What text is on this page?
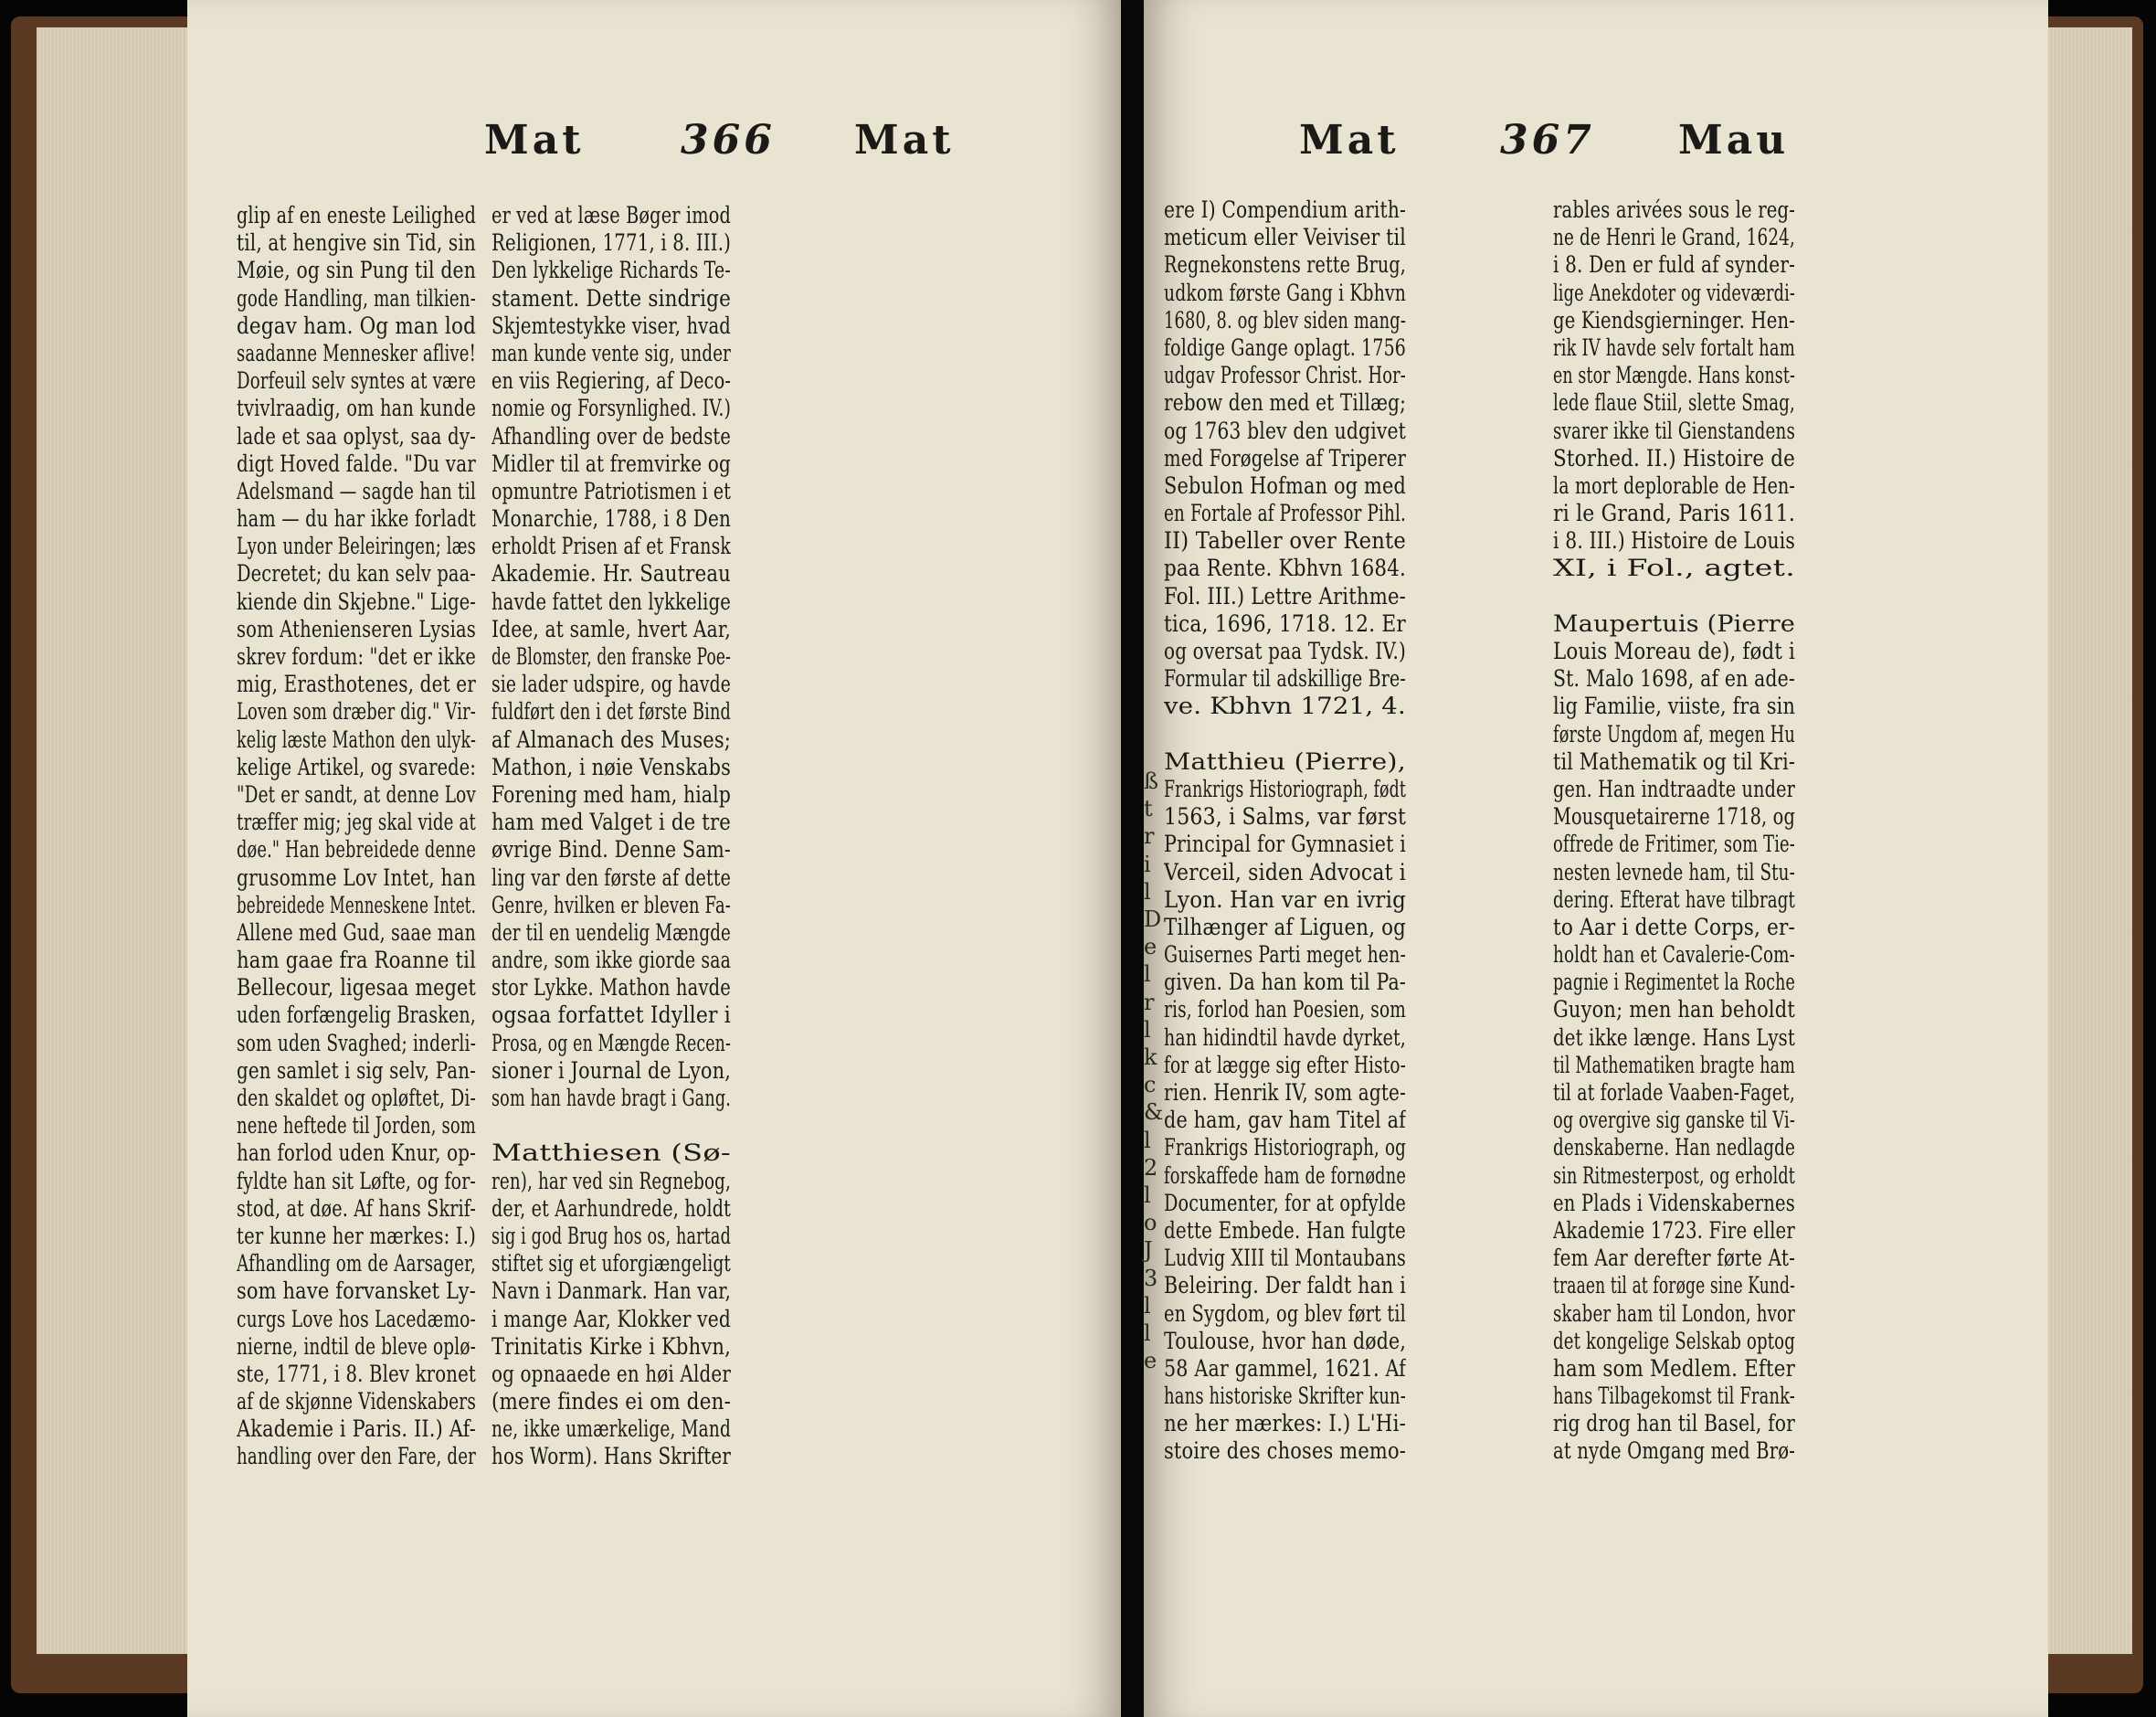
Mat 366 Mat
glip af en eneste Leilighed
til, at hengive sin Tid, sin
Møie, og sin Pung til den
gode Handling, man tilkien-
degav ham. Og man lod
saadanne Mennesker aflive!
Dorfeuil selv syntes at være
tvivlraadig, om han kunde
lade et saa oplyst, saa dy-
digt Hoved falde. "Du var
Adelsmand — sagde han til
ham — du har ikke forladt
Lyon under Beleiringen; læs
Decretet; du kan selv paa-
kiende din Skjebne." Lige-
som Athenienseren Lysias
skrev fordum: "det er ikke
mig, Erasthotenes, det er
Loven som dræber dig." Vir-
kelig læste Mathon den ulyk-
kelige Artikel, og svarede:
"Det er sandt, at denne Lov
træffer mig; jeg skal vide at
døe." Han bebreidede denne
grusomme Lov Intet, han
bebreidede Menneskene Intet.
Allene med Gud, saae man
ham gaae fra Roanne til
Bellecour, ligesaa meget
uden forfængelig Brasken,
som uden Svaghed; inderli-
gen samlet i sig selv, Pan-
den skaldet og opløftet, Di-
nene heftede til Jorden, som
han forlod uden Knur, op-
fyldte han sit Løfte, og for-
stod, at døe. Af hans Skrif-
ter kunne her mærkes: I.)
Afhandling om de Aarsager,
som have forvansket Ly-
curgs Love hos Lacedæmo-
nierne, indtil de bleve oplø-
ste, 1771, i 8. Blev kronet
af de skjønne Videnskabers
Akademie i Paris. II.) Af-
handling over den Fare, der
er ved at læse Bøger imod
Religionen, 1771, i 8. III.)
Den lykkelige Richards Te-
stament. Dette sindrige
Skjemtestykke viser, hvad
man kunde vente sig, under
en viis Regiering, af Deco-
nomie og Forsynlighed. IV.)
Afhandling over de bedste
Midler til at fremvirke og
opmuntre Patriotismen i et
Monarchie, 1788, i 8 Den
erholdt Prisen af et Fransk
Akademie. Hr. Sautreau
havde fattet den lykkelige
Idee, at samle, hvert Aar,
de Blomster, den franske Poe-
sie lader udspire, og havde
fuldført den i det første Bind
af Almanach des Muses;
Mathon, i nøie Venskabs
Forening med ham, hialp
ham med Valget i de tre
øvrige Bind. Denne Sam-
ling var den første af dette
Genre, hvilken er bleven Fa-
der til en uendelig Mængde
andre, som ikke giorde saa
stor Lykke. Mathon havde
ogsaa forfattet Idyller i
Prosa, og en Mængde Recen-
sioner i Journal de Lyon,
som han havde bragt i Gang.
Matthiesen (Sø-
ren), har ved sin Regnebog,
der, et Aarhundrede, holdt
sig i god Brug hos os, hartad
stiftet sig et uforgiængeligt
Navn i Danmark. Han var,
i mange Aar, Klokker ved
Trinitatis Kirke i Kbhvn,
og opnaaede en høi Alder
(mere findes ei om den-
ne, ikke umærkelige, Mand
hos Worm). Hans Skrifter
Mat	367 Mau
ere I) Compendium arith-
meticum eller Veiviser til
Regnekonstens rette Brug,
udkom første Gang i Kbhvn
1680, 8. og blev siden mang-
foldige Gange oplagt. 1756
udgav Professor Christ. Hor-
rebow den med et Tillæg;
og 1763 blev den udgivet
med Forøgelse af Triperer
Sebulon Hofman og med
en Fortale af Professor Pihl.
II) Tabeller over Rente
paa Rente. Kbhvn 1684.
Fol. III.) Lettre Arithme-
tica, 1696, 1718. 12. Er
og oversat paa Tydsk. IV.)
Formular til adskillige Bre-
ve. Kbhvn 1721, 4.
Matthieu (Pierre),
Frankrigs Historiograph, født
1563, i Salms, var først
Principal for Gymnasiet i
Verceil, siden Advocat i
Lyon. Han var en ivrig
Tilhænger af Liguen, og
Guisernes Parti meget hen-
given. Da han kom til Pa-
ris, forlod han Poesien, som
han hidindtil havde dyrket,
for at lægge sig efter Histo-
rien. Henrik IV, som agte-
de ham, gav ham Titel af
Frankrigs Historiograph, og
forskaffede ham de fornødne
Documenter, for at opfylde
dette Embede. Han fulgte
Ludvig XIII til Montaubans
Beleiring. Der faldt han i
en Sygdom, og blev ført til
Toulouse, hvor han døde,
58 Aar gammel, 1621. Af
hans historiske Skrifter kun-
ne her mærkes: I.) L'Hi-
stoire des choses memo-
rables arivées sous le reg-
ne de Henri le Grand, 1624,
i 8. Den er fuld af synder-
lige Anekdoter og videværdi-
ge Kiendsgierninger. Hen-
rik IV havde selv fortalt ham
en stor Mængde. Hans konst-
lede flaue Stiil, slette Smag,
svarer ikke til Gienstandens
Storhed. II.) Histoire de
la mort deplorable de Hen-
ri le Grand, Paris 1611.
i 8. III.) Histoire de Louis
XI, i Fol., agtet.
Maupertuis (Pierre
Louis Moreau de), født i
St. Malo 1698, af en ade-
lig Familie, viiste, fra sin
første Ungdom af, megen Hu
til Mathematik og til Kri-
gen. Han indtraadte under
Mousquetairerne 1718, og
offrede de Fritimer, som Tie-
nesten levnede ham, til Stu-
dering. Efterat have tilbragt
to Aar i dette Corps, er-
holdt han et Cavalerie-Com-
pagnie i Regimentet la Roche
Guyon; men han beholdt
det ikke længe. Hans Lyst
til Mathematiken bragte ham
til at forlade Vaaben-Faget,
og overgive sig ganske til Vi-
denskaberne. Han nedlagde
sin Ritmesterpost, og erholdt
en Plads i Videnskabernes
Akademie 1723. Fire eller
fem Aar derefter førte At-
traaen til at forøge sine Kund-
skaber ham til London, hvor
det kongelige Selskab optog
ham som Medlem. Efter
hans Tilbagekomst til Frank-
rig drog han til Basel, for
at nyde Omgang med Brø-
ß
t
r
i
l
D
e
l
r
l
k
c
&
l
2
l
o
J
3
l
l
e
